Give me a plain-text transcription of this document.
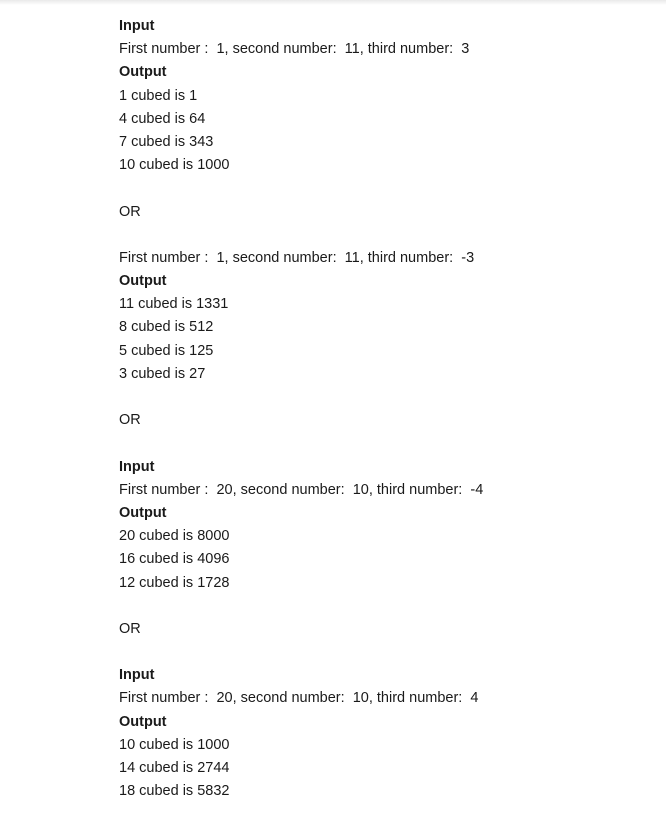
Input
First number :  1, second number:  11, third number:  3
Output
1 cubed is 1
4 cubed is 64
7 cubed is 343
10 cubed is 1000
OR
First number :  1, second number:  11, third number:  -3
Output
11 cubed is 1331
8 cubed is 512
5 cubed is 125
3 cubed is 27
OR
Input
First number :  20, second number:  10, third number:  -4
Output
20 cubed is 8000
16 cubed is 4096
12 cubed is 1728
OR
Input
First number :  20, second number:  10, third number:  4
Output
10 cubed is 1000
14 cubed is 2744
18 cubed is 5832
